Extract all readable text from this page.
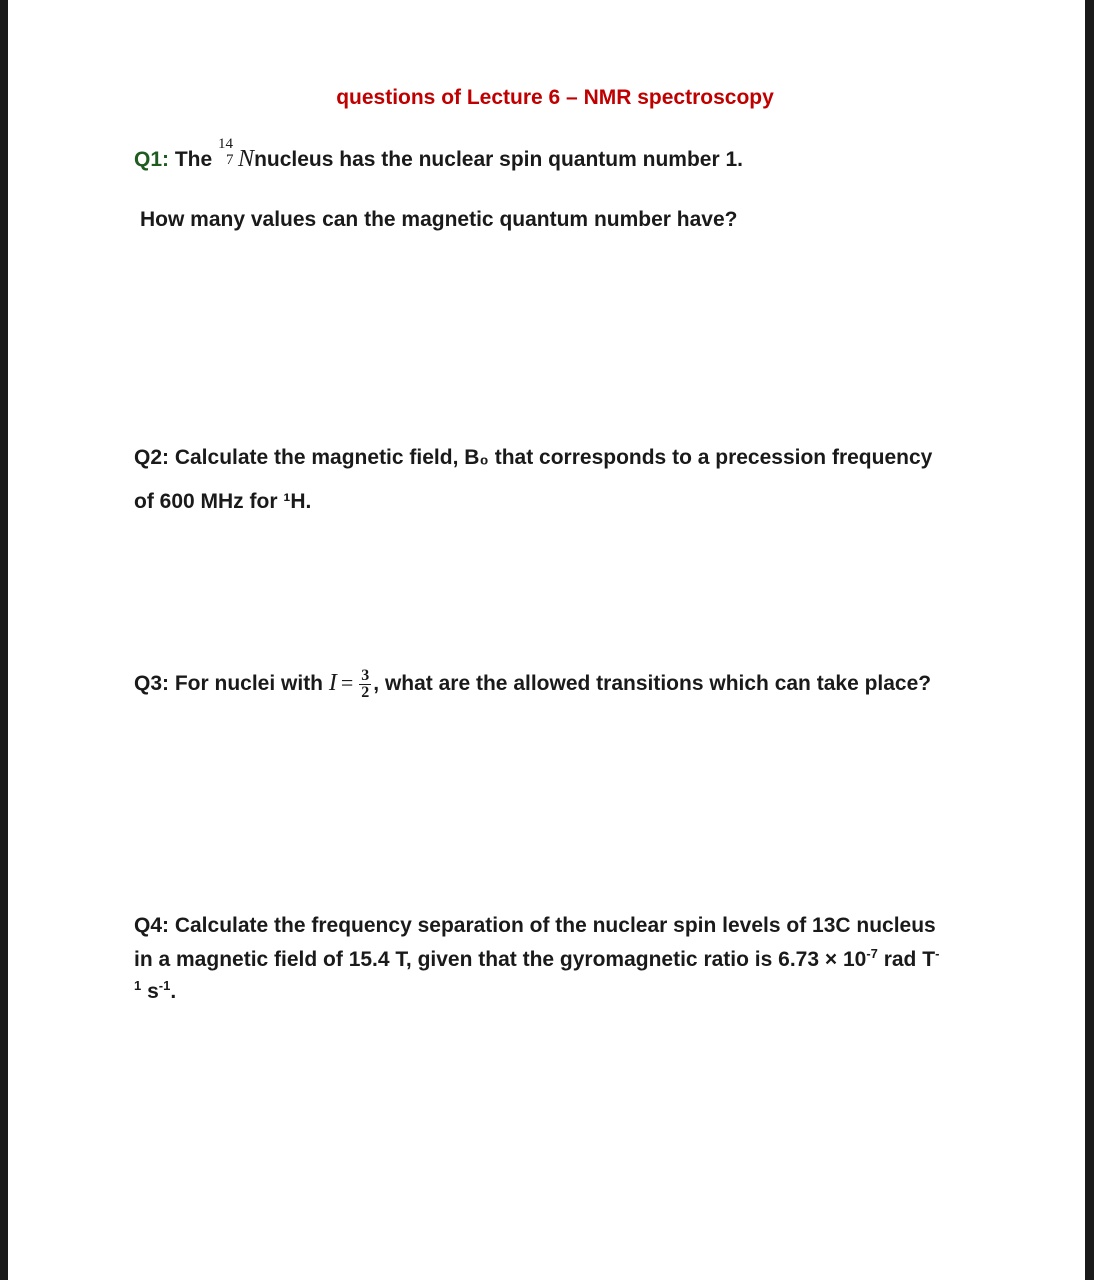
questions of Lecture 6 – NMR spectroscopy
Q1: The
14
7 Nnucleus has the nuclear spin quantum number 1.
How many values can the magnetic quantum number have?
Q2: Calculate the magnetic field, B₀ that corresponds to a precession frequency
of 600 MHz for ¹H.
Q3: For nuclei with $I = \frac{3}{2}$ , what are the allowed transitions which can take place?
Q4: Calculate the frequency separation of the nuclear spin levels of 13C nucleus
in a magnetic field of 15.4 T, given that the gyromagnetic ratio is $6.73 \times 10^{-7}$ rad T-
$^1$ $s^{-1}$.
